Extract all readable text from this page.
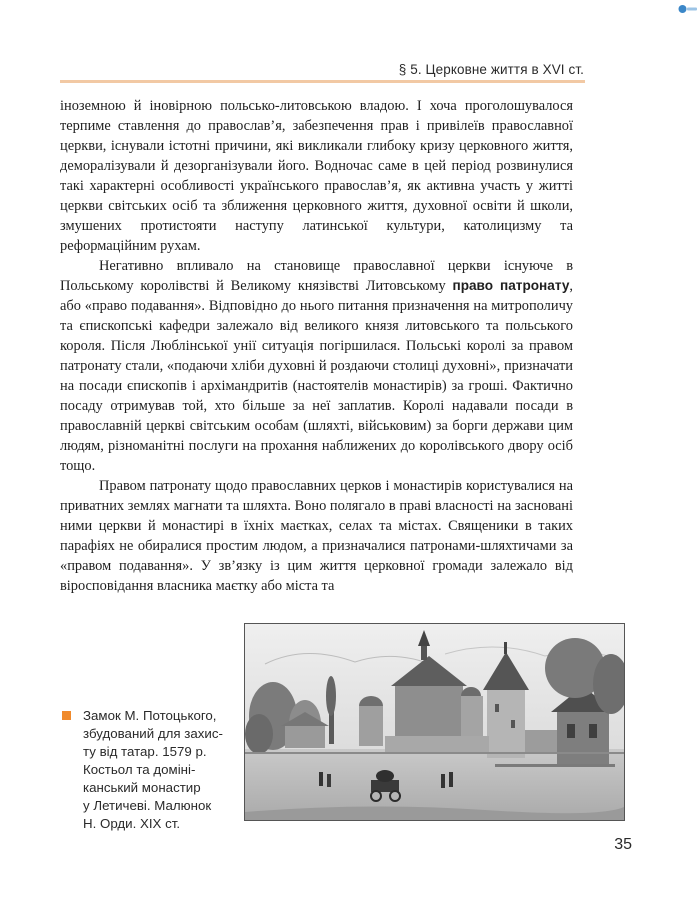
§ 5. Церковне життя в XVI ст.

іноземною й іновірною польсько-литовською владою. І хоча проголошувалося терпиме ставлення до православ’я, забезпечення прав і привілеїв православної церкви, існували істотні причини, які викликали глибоку кризу церковного життя, деморалізували й дезорганізували його. Водночас саме в цей період розвинулися такі характерні особливості українського православ’я, як активна участь у житті церкви світських осіб та зближення церковного життя, духовної освіти й школи, змушених протистояти наступу латинської культури, католицизму та реформаційним рухам.

Негативно впливало на становище православної церкви існуюче в Польському королівстві й Великому князівстві Литовському право патронату, або «право подавання». Відповідно до нього питання призначення на митрополичу та єпископські кафедри залежало від великого князя литовського та польського короля. Після Люблінської унії ситуація погіршилася. Польські королі за правом патронату стали, «подаючи хліби духовні й роздаючи столиці духовні», призначати на посади єпископів і архімандритів (настоятелів монастирів) за гроші. Фактично посаду отримував той, хто більше за неї заплатив. Королі надавали посади в православній церкві світським особам (шляхті, військовим) за борги держави цим людям, різноманітні послуги на прохання наближених до королівського двору осіб тощо.

Правом патронату щодо православних церков і монастирів користувалися на приватних землях магнати та шляхта. Воно полягало в праві власності на засновані ними церкви й монастирі в їхніх маєтках, селах та містах. Священики в таких парафіях не обиралися простим людом, а призначалися патронами-шляхтичами за «правом подавання». У зв’язку із цим життя церковної громади залежало від віросповідання власника маєтку або міста та

Замок М. Потоцького,
збудований для захис-
ту від татар. 1579 р.
Костьол та доміні-
канський монастир
у Летичеві. Малюнок
Н. Орди. XIX ст.
35
